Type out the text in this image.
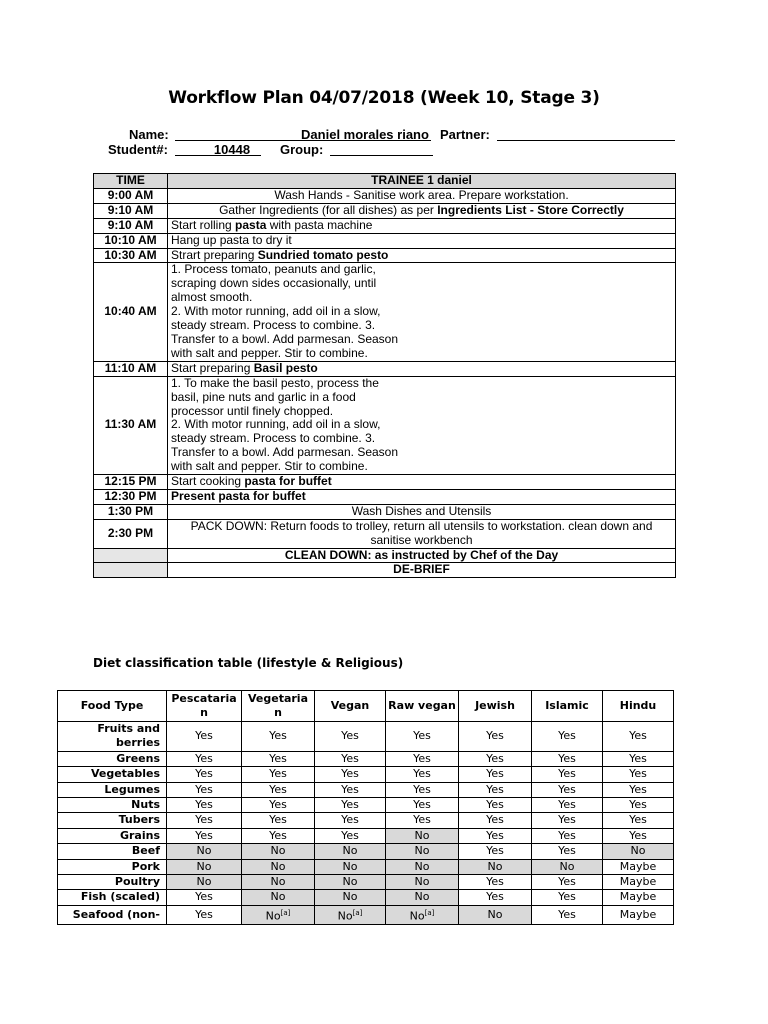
Workflow Plan 04/07/2018 (Week 10, Stage 3)
Name:	Daniel morales riano Partner:
Student#:	10448	Group:
TIME	TRAINEE 1 daniel
9:00 AM	Wash Hands - Sanitise work area. Prepare workstation.
9:10 AM	Gather Ingredients (for all dishes) as per Ingredients List - Store Correctly
9:10 AM	Start rolling pasta with pasta machine
10:10 AM	Hang up pasta to dry it
10:30 AM	Strart preparing Sundried tomato pesto
10:40 AM	1. Process tomato, peanuts and garlic, scraping down sides occasionally, until almost smooth.
2. With motor running, add oil in a slow, steady stream. Process to combine. 3. Transfer to a bowl. Add parmesan. Season with salt and pepper. Stir to combine.
11:10 AM	Start preparing Basil pesto
11:30 AM	1. To make the basil pesto, process the basil, pine nuts and garlic in a food processor until finely chopped.
2. With motor running, add oil in a slow, steady stream. Process to combine. 3. Transfer to a bowl. Add parmesan. Season with salt and pepper. Stir to combine.
12:15 PM	Start cooking pasta for buffet
12:30 PM	Present pasta for buffet
1:30 PM	Wash Dishes and Utensils
2:30 PM	PACK DOWN: Return foods to trolley, return all utensils to workstation. clean down and sanitise workbench
	CLEAN DOWN: as instructed by Chef of the Day
	DE-BRIEF
Diet classification table (lifestyle & Religious)
Food Type	Pescataria n	Vegetaria n	Vegan	Raw vegan	Jewish	Islamic	Hindu
Fruits and berries	Yes	Yes	Yes	Yes	Yes	Yes	Yes
Greens	Yes	Yes	Yes	Yes	Yes	Yes	Yes
Vegetables	Yes	Yes	Yes	Yes	Yes	Yes	Yes
Legumes	Yes	Yes	Yes	Yes	Yes	Yes	Yes
Nuts	Yes	Yes	Yes	Yes	Yes	Yes	Yes
Tubers	Yes	Yes	Yes	Yes	Yes	Yes	Yes
Grains	Yes	Yes	Yes	No	Yes	Yes	Yes
Beef	No	No	No	No	Yes	Yes	No
Pork	No	No	No	No	No	No	Maybe
Poultry	No	No	No	No	Yes	Yes	Maybe
Fish (scaled)	Yes	No	No	No	Yes	Yes	Maybe
Seafood (non-	Yes	No[a]	No[a]	No[a]	No	Yes	Maybe
